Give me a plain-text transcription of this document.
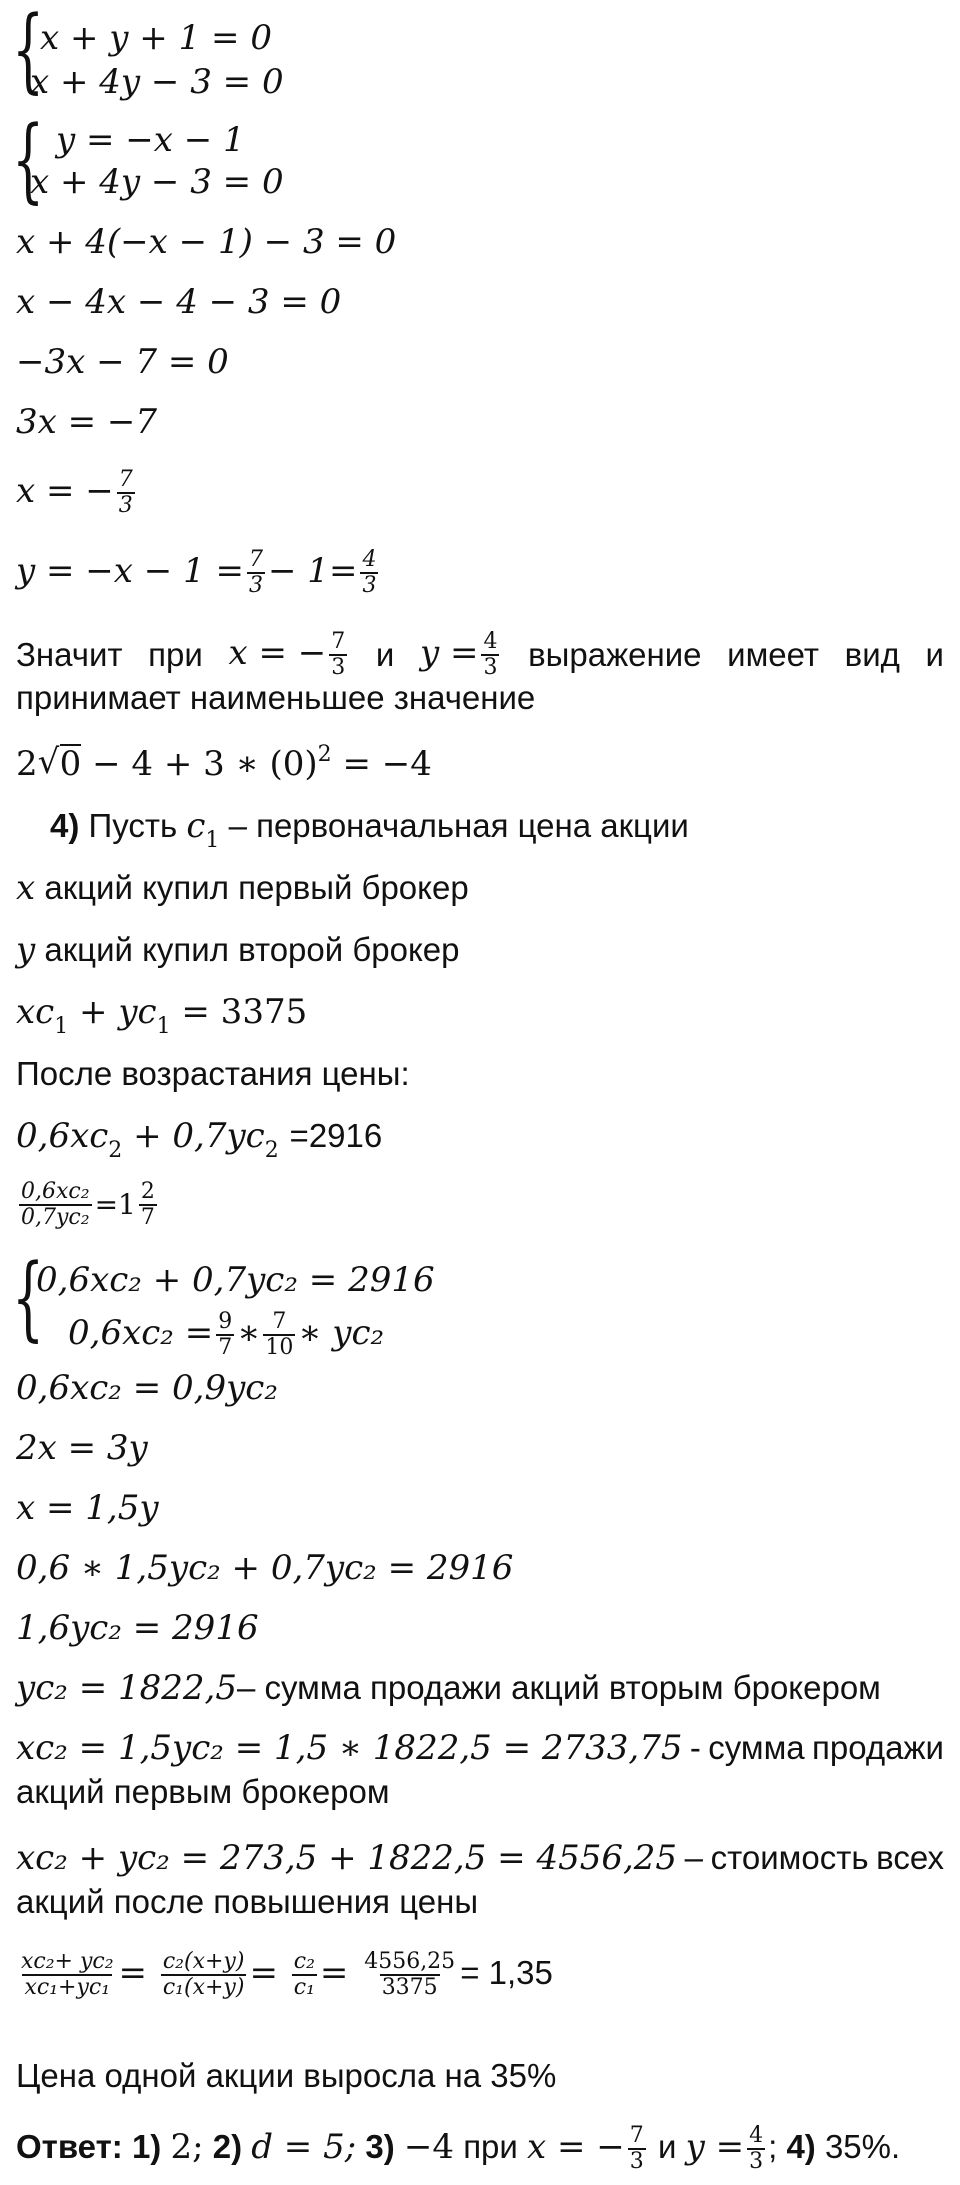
{
x + y + 1 = 0
x + 4y − 3 = 0
{ y = −x − 1
x + 4y − 3 = 0
x + 4(−x − 1) − 3 = 0
x − 4x − 4 − 3 = 0
−3x − 7 = 0
3x = −7
x = − $\frac{7}{3}$
$y = -x - 1 = \frac{7}{3} - 1= \frac{4}{3}$
Значит при x = − $\frac{7}{3}$ и $y = \frac{4}{3}$ выражение имеет вид и
принимает наименьшее значение
2√ 0 − 4 + 3 ∗ $(0)^2 = -4$
4) Пусть $c_1$ – первоначальная цена акции
x акций купил первый брокер
y акций купил второй брокер
$xc_1 + yc_1 = 3375$
После возрастания цены:
$0,6xc_2 + 0,7yc_2 =2916$
$\frac{\text{0,6xc₂}}{\text{0,7yc₂}} =1 \frac{2}{7}$
{
0,6xc₂ + 0,7yc₂ = 2916
$0,6xc_2 = \frac{9}{7}$ ∗ $\frac{7}{10}$ ∗ yc₂
0,6xc₂ = 0,9yc₂
2x = 3y
x = 1,5y
0,6 ∗ 1,5yc₂ + 0,7yc₂ = 2916
1,6yc₂ = 2916
yc₂ = 1822,5– сумма продажи акций вторым брокером
xc₂ = 1,5yc₂ = 1,5 ∗ 1822,5 = 2733,75 - сумма продажи
акций первым брокером
xc₂ + yc₂ = 273,5 + 1822,5 = 4556,25 – стоимость всех
акций после повышения цены
$\frac{\text{xc₂+ yc₂}}{\text{xc₁+yc₁}} = \frac{\text{c₂(x+y)}}{\text{c₁(x+y)}} = \frac{\text{c₂}}{\text{c₁}} = \frac{4556,25}{3375} = 1,35$
Цена одной акции выросла на 35%
Ответ: 1) 2; 2) d = 5; 3) −4 при x = − $\frac{7}{3}$ и $y = \frac{4}{3}$ ; 4) 35%.
